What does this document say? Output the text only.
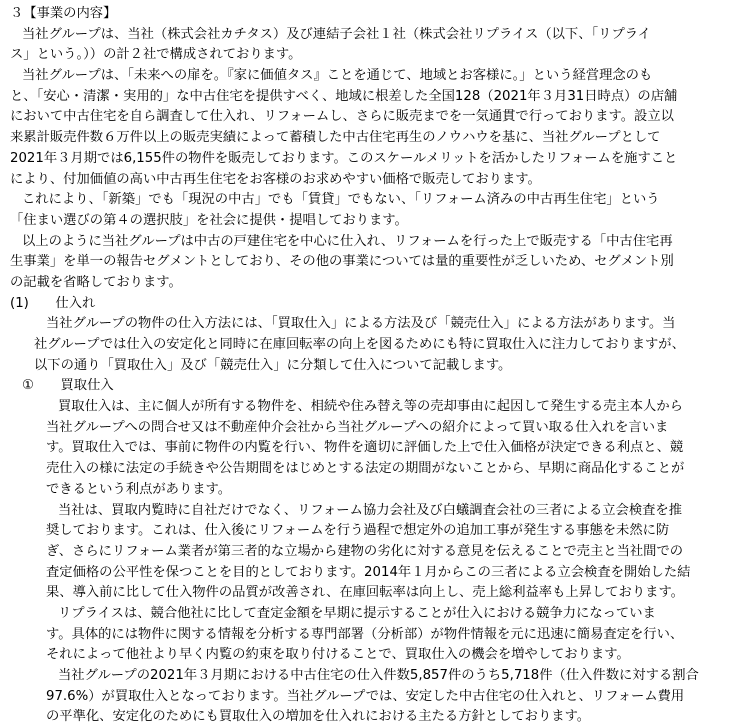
３【事業の内容】
当社グループは、当社（株式会社カチタス）及び連結子会社１社（株式会社リプライス（以下、「リプライ
ス」という。））の計２社で構成されております。
当社グループは、「未来への扉を。『家に価値タス』ことを通じて、地域とお客様に。」という経営理念のも
と、「安心・清潔・実用的」な中古住宅を提供すべく、地域に根差した全国128（2021年３月31日時点）の店舗
において中古住宅を自ら調査して仕入れ、リフォームし、さらに販売までを一気通貫で行っております。設立以
来累計販売件数６万件以上の販売実績によって蓄積した中古住宅再生のノウハウを基に、当社グループとして
2021年３月期では6,155件の物件を販売しております。このスケールメリットを活かしたリフォームを施すこと
により、付加価値の高い中古再生住宅をお客様のお求めやすい価格で販売しております。
これにより、「新築」でも「現況の中古」でも「賃貸」でもない、「リフォーム済みの中古再生住宅」という
「住まい選びの第４の選択肢」を社会に提供・提唱しております。
以上のように当社グループは中古の戸建住宅を中心に仕入れ、リフォームを行った上で販売する「中古住宅再
生事業」を単一の報告セグメントとしており、その他の事業については量的重要性が乏しいため、セグメント別
の記載を省略しております。
(1)　　仕入れ
当社グループの物件の仕入方法には、「買取仕入」による方法及び「競売仕入」による方法があります。当
社グループでは仕入の安定化と同時に在庫回転率の向上を図るためにも特に買取仕入に注力しておりますが、
以下の通り「買取仕入」及び「競売仕入」に分類して仕入について記載します。
①　　買取仕入
買取仕入は、主に個人が所有する物件を、相続や住み替え等の売却事由に起因して発生する売主本人から
当社グループへの問合せ又は不動産仲介会社から当社グループへの紹介によって買い取る仕入れを言いま
す。買取仕入では、事前に物件の内覧を行い、物件を適切に評価した上で仕入価格が決定できる利点と、競
売仕入の様に法定の手続きや公告期間をはじめとする法定の期間がないことから、早期に商品化することが
できるという利点があります。
当社は、買取内覧時に自社だけでなく、リフォーム協力会社及び白蟻調査会社の三者による立会検査を推
奨しております。これは、仕入後にリフォームを行う過程で想定外の追加工事が発生する事態を未然に防
ぎ、さらにリフォーム業者が第三者的な立場から建物の劣化に対する意見を伝えることで売主と当社間での
査定価格の公平性を保つことを目的としております。2014年１月からこの三者による立会検査を開始した結
果、導入前に比して仕入物件の品質が改善され、在庫回転率は向上し、売上総利益率も上昇しております。
リプライスは、競合他社に比して査定金額を早期に提示することが仕入における競争力になっていま
す。具体的には物件に関する情報を分析する専門部署（分析部）が物件情報を元に迅速に簡易査定を行い、
それによって他社より早く内覧の約束を取り付けることで、買取仕入の機会を増やしております。
当社グループの2021年３月期における中古住宅の仕入件数5,857件のうち5,718件（仕入件数に対する割合
97.6%）が買取仕入となっております。当社グループでは、安定した中古住宅の仕入れと、リフォーム費用
の平準化、安定化のためにも買取仕入の増加を仕入れにおける主たる方針としております。
